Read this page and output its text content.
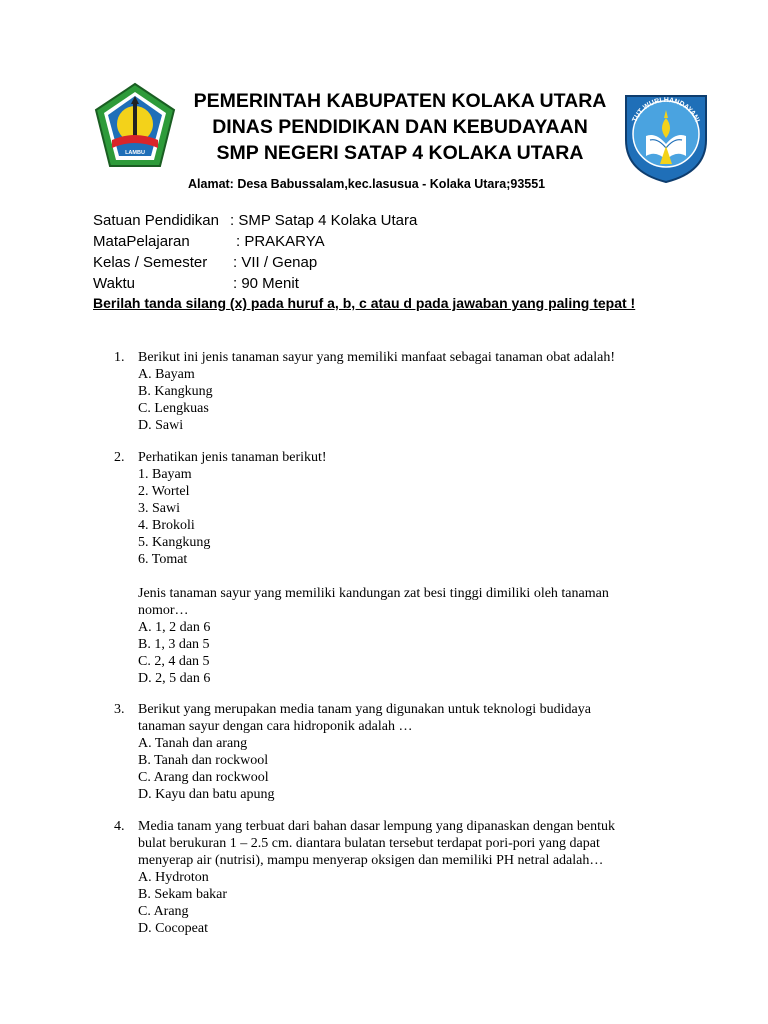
LAMBU
PEMERINTAH KABUPATEN KOLAKA UTARA
DINAS PENDIDIKAN DAN KEBUDAYAAN
SMP NEGERI SATAP 4 KOLAKA UTARA
TUT WURI HANDAYANI
Alamat: Desa Babussalam,kec.lasusua - Kolaka Utara;93551
Satuan Pendidikan : SMP Satap 4 Kolaka Utara
MataPelajaran	: PRAKARYA
Kelas / Semester : VII / Genap
Waktu	: 90 Menit
Berilah tanda silang (x) pada huruf a, b, c atau d pada jawaban yang paling tepat !
1. Berikut ini jenis tanaman sayur yang memiliki manfaat sebagai tanaman obat adalah!
A. Bayam
B. Kangkung
C. Lengkuas
D. Sawi
2. Perhatikan jenis tanaman berikut!
1. Bayam
2. Wortel
3. Sawi
4. Brokoli
5. Kangkung
6. Tomat
Jenis tanaman sayur yang memiliki kandungan zat besi tinggi dimiliki oleh tanaman
nomor…
A. 1, 2 dan 6
B. 1, 3 dan 5
C. 2, 4 dan 5
D. 2, 5 dan 6
3. Berikut yang merupakan media tanam yang digunakan untuk teknologi budidaya
tanaman sayur dengan cara hidroponik adalah …
A. Tanah dan arang
B. Tanah dan rockwool
C. Arang dan rockwool
D. Kayu dan batu apung
4. Media tanam yang terbuat dari bahan dasar lempung yang dipanaskan dengan bentuk
bulat berukuran 1 – 2.5 cm. diantara bulatan tersebut terdapat pori-pori yang dapat
menyerap air (nutrisi), mampu menyerap oksigen dan memiliki PH netral adalah…
A. Hydroton
B. Sekam bakar
C. Arang
D. Cocopeat
